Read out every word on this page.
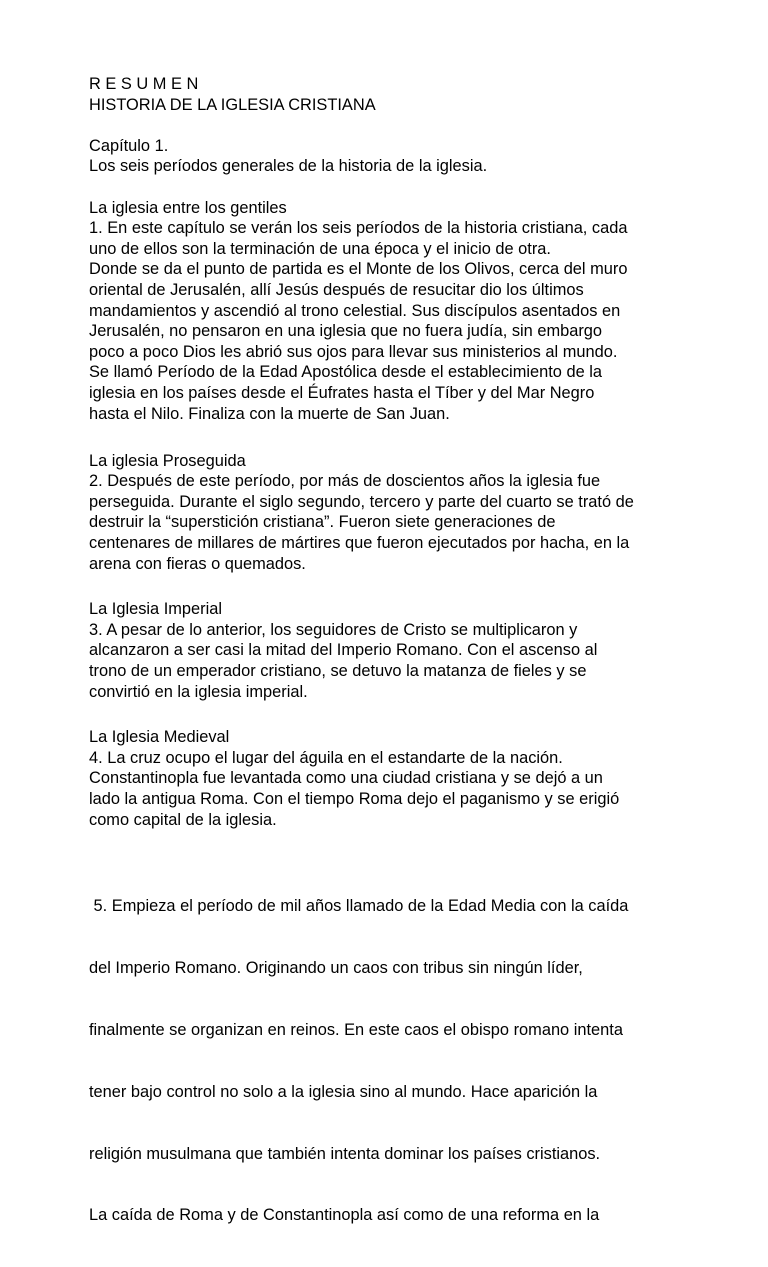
R E S U M E N
HISTORIA DE LA IGLESIA CRISTIANA
Capítulo 1.
Los seis períodos generales de la historia de la iglesia.
La iglesia entre los gentiles
1. En este capítulo se verán los seis períodos de la historia cristiana, cada
uno de ellos son la terminación de una época y el inicio de otra.
Donde se da el punto de partida es el Monte de los Olivos, cerca del muro
oriental de Jerusalén, allí Jesús después de resucitar dio los últimos
mandamientos y ascendió al trono celestial. Sus discípulos asentados en
Jerusalén, no pensaron en una iglesia que no fuera judía, sin embargo
poco a poco Dios les abrió sus ojos para llevar sus ministerios al mundo.
Se llamó Período de la Edad Apostólica desde el establecimiento de la
iglesia en los países desde el Éufrates hasta el Tíber y del Mar Negro
hasta el Nilo. Finaliza con la muerte de San Juan.
La iglesia Proseguida
2. Después de este período, por más de doscientos años la iglesia fue
perseguida. Durante el siglo segundo, tercero y parte del cuarto se trató de
destruir la “superstición cristiana”. Fueron siete generaciones de
centenares de millares de mártires que fueron ejecutados por hacha, en la
arena con fieras o quemados.
La Iglesia Imperial
3. A pesar de lo anterior, los seguidores de Cristo se multiplicaron y
alcanzaron a ser casi la mitad del Imperio Romano. Con el ascenso al
trono de un emperador cristiano, se detuvo la matanza de fieles y se
convirtió en la iglesia imperial.
La Iglesia Medieval
4. La cruz ocupo el lugar del águila en el estandarte de la nación.
Constantinopla fue levantada como una ciudad cristiana y se dejó a un
lado la antigua Roma. Con el tiempo Roma dejo el paganismo y se erigió
como capital de la iglesia.

5. Empieza el período de mil años llamado de la Edad Media con la caída

del Imperio Romano. Originando un caos con tribus sin ningún líder,

finalmente se organizan en reinos. En este caos el obispo romano intenta

tener bajo control no solo a la iglesia sino al mundo. Hace aparición la

religión musulmana que también intenta dominar los países cristianos.

La caída de Roma y de Constantinopla así como de una reforma en la
